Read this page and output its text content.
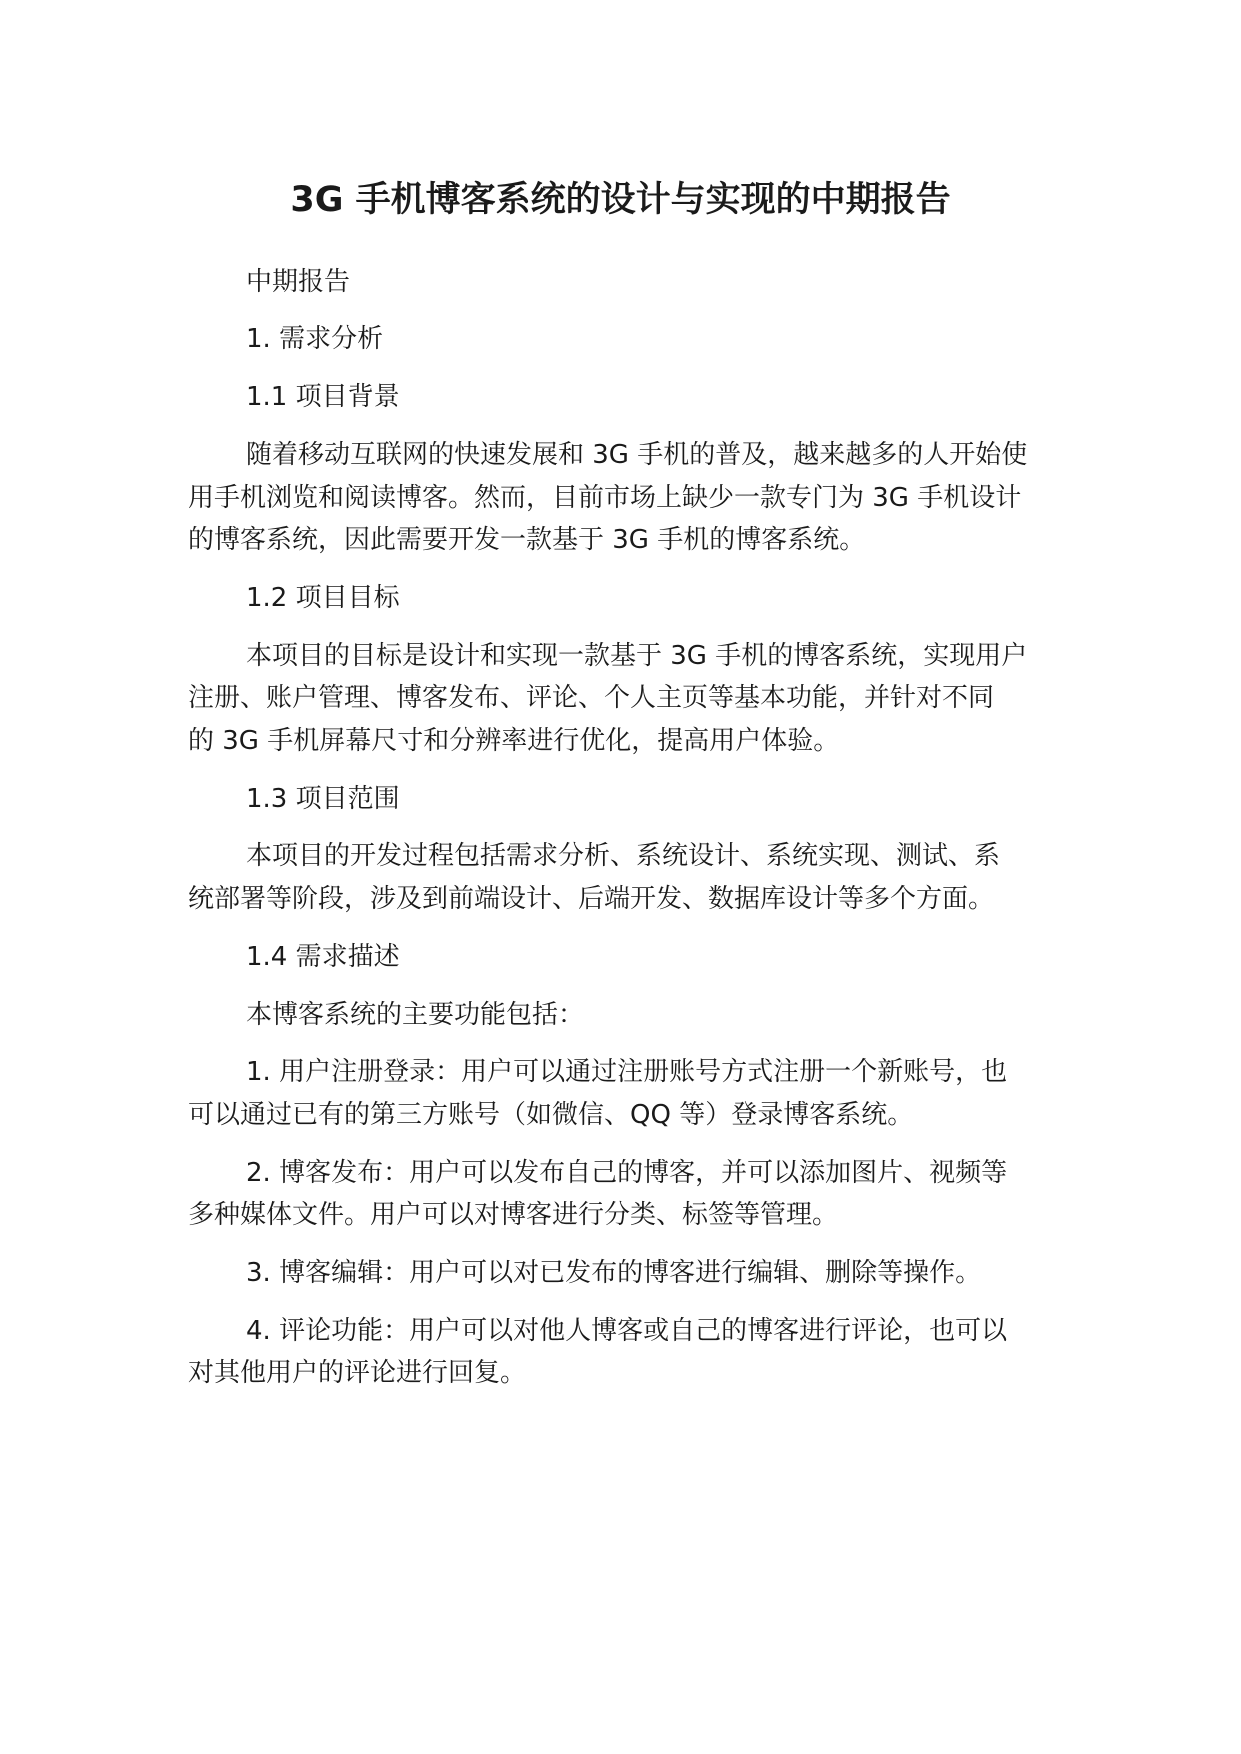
3G 手机博客系统的设计与实现的中期报告
中期报告
1. 需求分析
1.1 项目背景
随着移动互联网的快速发展和 3G 手机的普及，越来越多的人开始使
用手机浏览和阅读博客。然而，目前市场上缺少一款专门为 3G 手机设计
的博客系统，因此需要开发一款基于 3G 手机的博客系统。
1.2 项目目标
本项目的目标是设计和实现一款基于 3G 手机的博客系统，实现用户
注册、账户管理、博客发布、评论、个人主页等基本功能，并针对不同
的 3G 手机屏幕尺寸和分辨率进行优化，提高用户体验。
1.3 项目范围
本项目的开发过程包括需求分析、系统设计、系统实现、测试、系
统部署等阶段，涉及到前端设计、后端开发、数据库设计等多个方面。
1.4 需求描述
本博客系统的主要功能包括：
1. 用户注册登录：用户可以通过注册账号方式注册一个新账号，也
可以通过已有的第三方账号（如微信、QQ 等）登录博客系统。
2. 博客发布：用户可以发布自己的博客，并可以添加图片、视频等
多种媒体文件。用户可以对博客进行分类、标签等管理。
3. 博客编辑：用户可以对已发布的博客进行编辑、删除等操作。
4. 评论功能：用户可以对他人博客或自己的博客进行评论，也可以
对其他用户的评论进行回复。
